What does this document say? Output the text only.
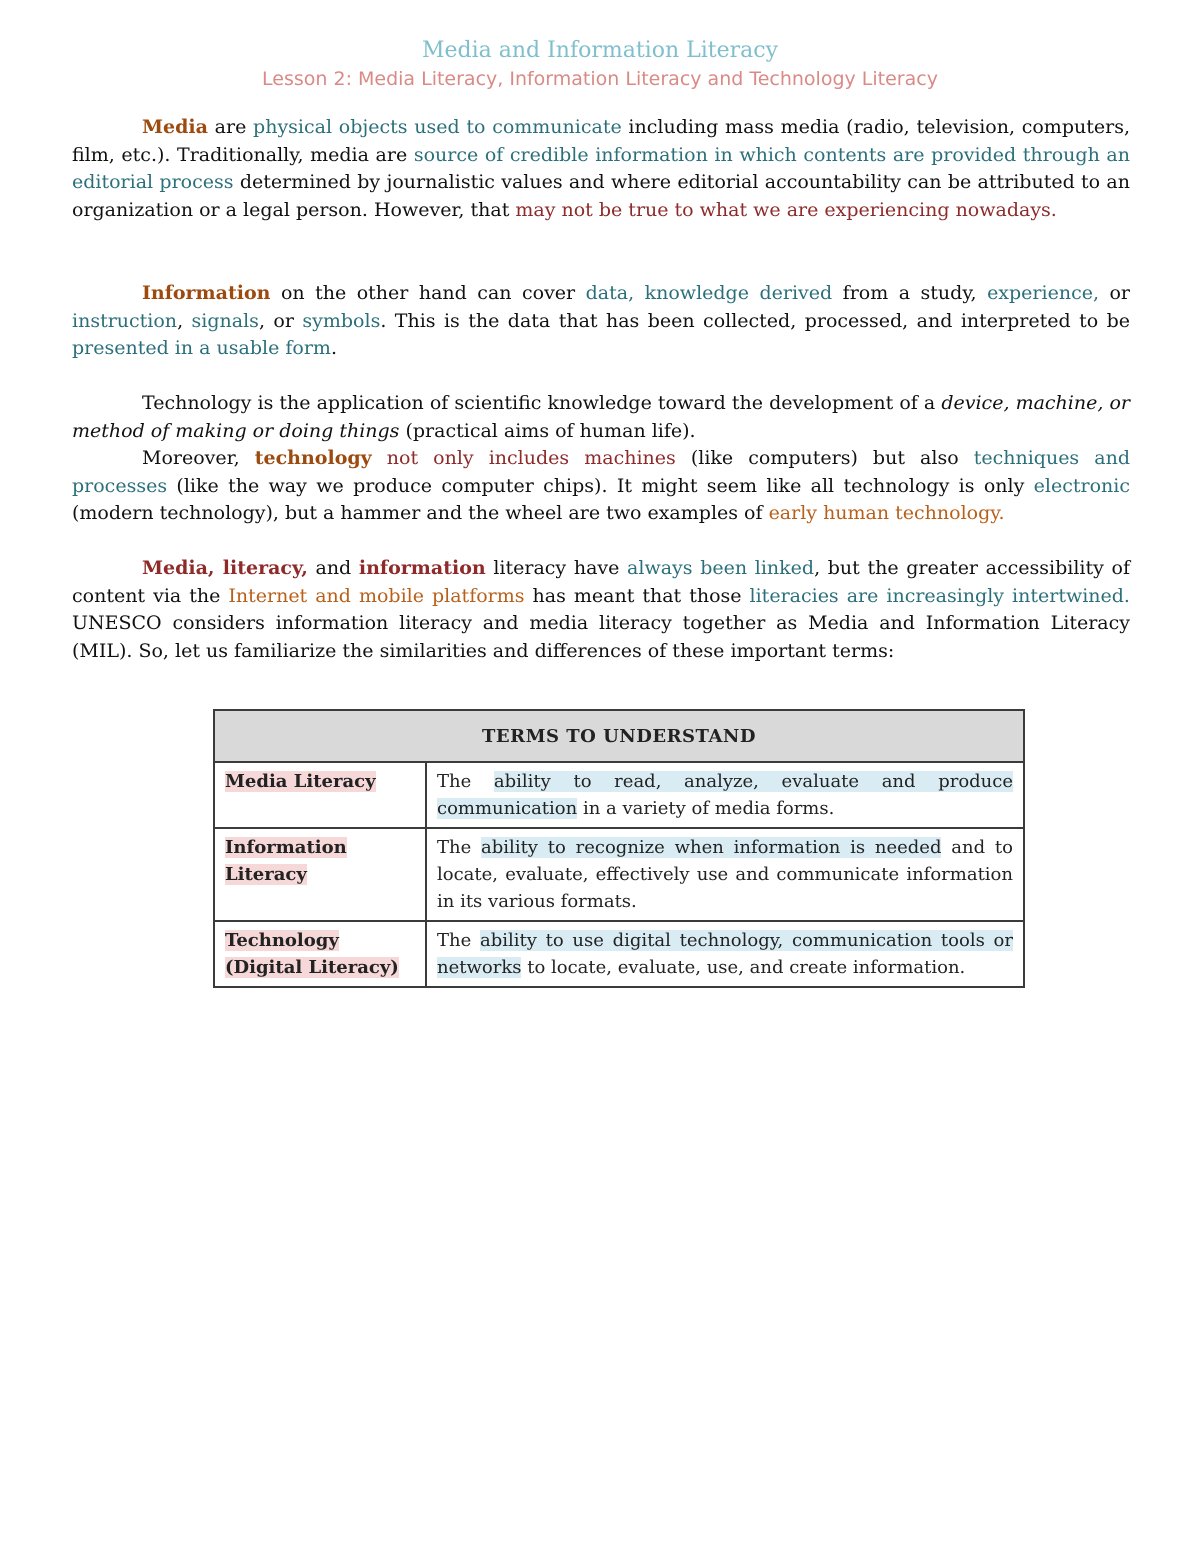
Media and Information Literacy
Lesson 2: Media Literacy, Information Literacy and Technology Literacy

Media are physical objects used to communicate including mass media (radio, television, computers, film, etc.). Traditionally, media are source of credible information in which contents are provided through an editorial process determined by journalistic values and where editorial accountability can be attributed to an organization or a legal person. However, that may not be true to what we are experiencing nowadays.

Information on the other hand can cover data, knowledge derived from a study, experience, or instruction, signals, or symbols. This is the data that has been collected, processed, and interpreted to be presented in a usable form.

Technology is the application of scientific knowledge toward the development of a device, machine, or method of making or doing things (practical aims of human life).

Moreover, technology not only includes machines (like computers) but also techniques and processes (like the way we produce computer chips). It might seem like all technology is only electronic (modern technology), but a hammer and the wheel are two examples of early human technology.

Media, literacy, and information literacy have always been linked, but the greater accessibility of content via the Internet and mobile platforms has meant that those literacies are increasingly intertwined. UNESCO considers information literacy and media literacy together as Media and Information Literacy (MIL). So, let us familiarize the similarities and differences of these important terms:

TERMS TO UNDERSTAND	
Media Literacy	The ability to read, analyze, evaluate and produce communication in a variety of media forms.
Information
Literacy	The ability to recognize when information is needed and to locate, evaluate, effectively use and communicate information in its various formats.
Technology
(Digital Literacy)	The ability to use digital technology, communication tools or networks to locate, evaluate, use, and create information.
